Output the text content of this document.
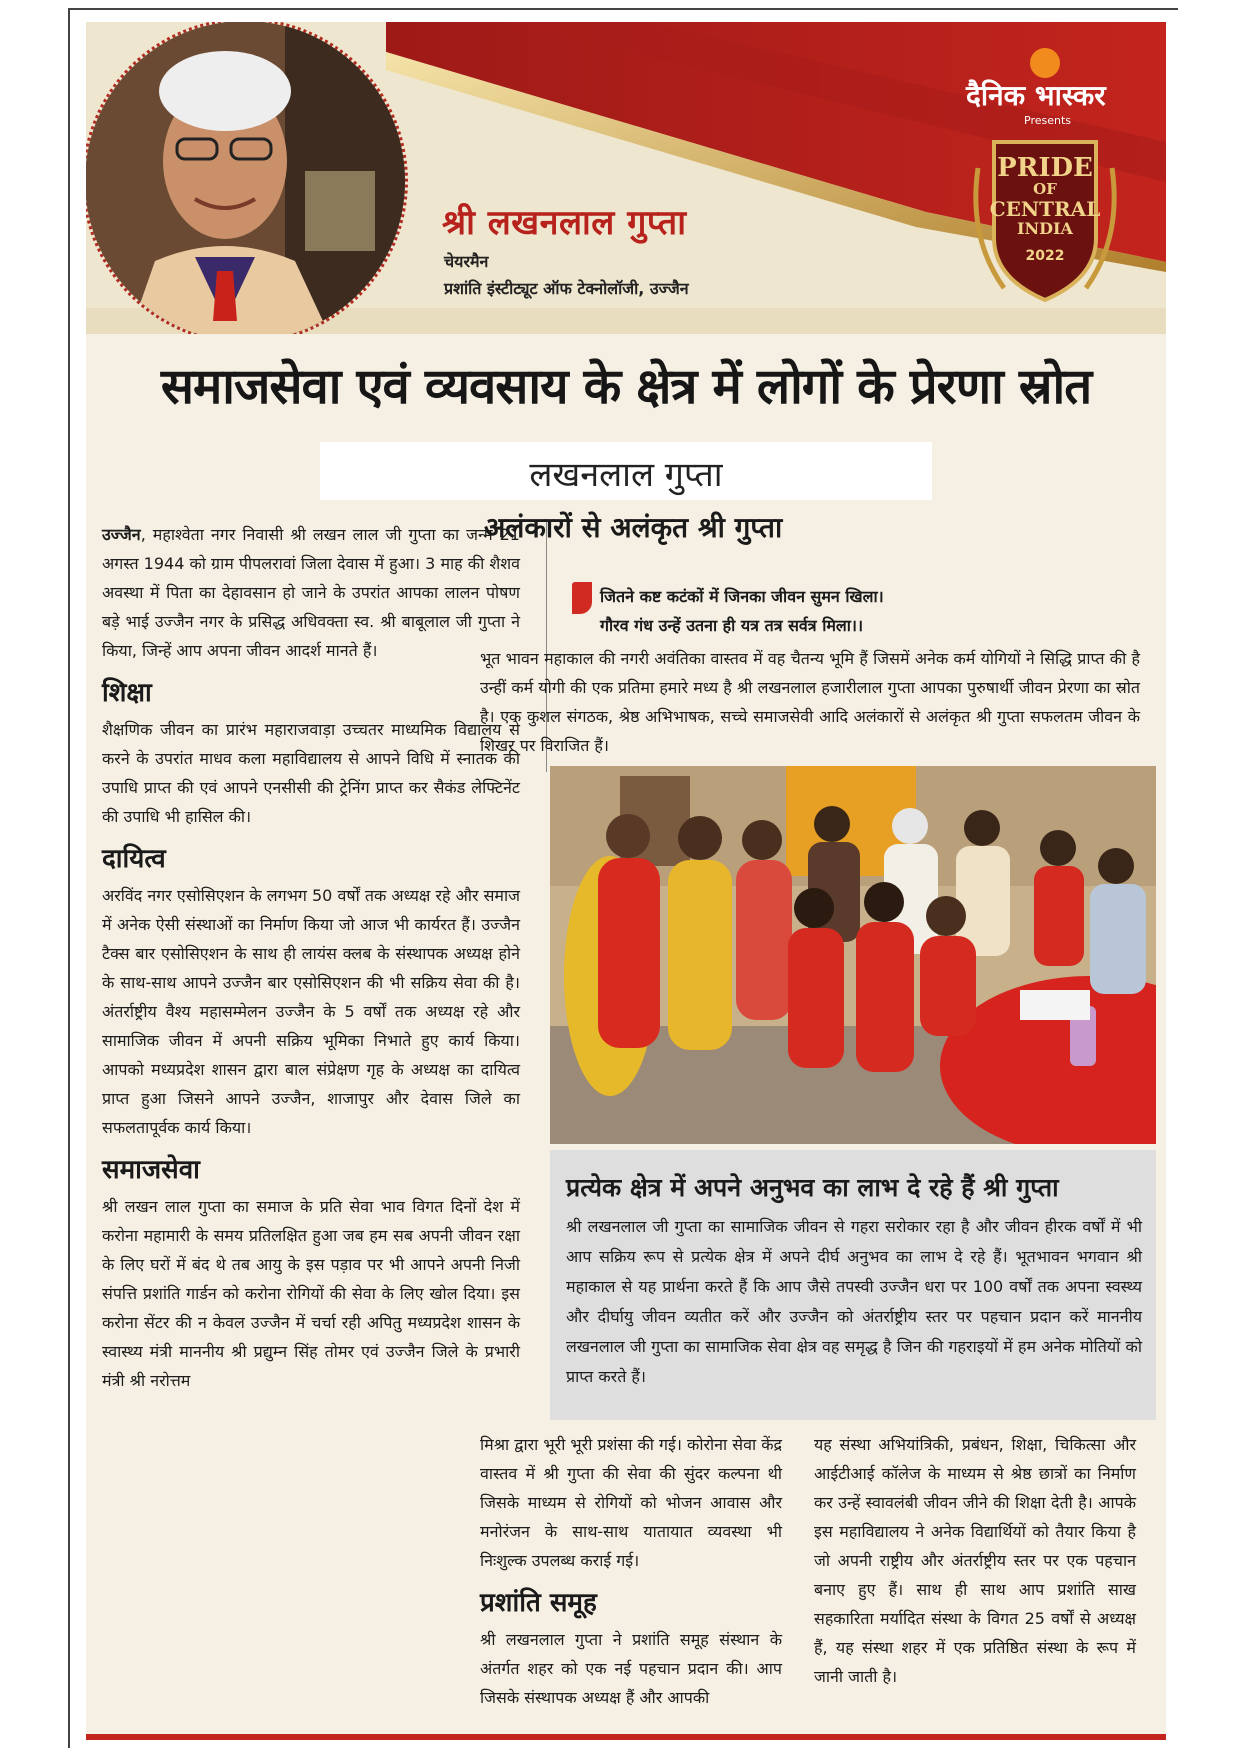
श्री लखनलाल गुप्ता
चेयरमैन
प्रशांति इंस्टीट्यूट ऑफ टेक्नोलॉजी, उज्जैन
दैनिक भास्कर
Presents
PRIDE
OF
CENTRAL
INDIA
2022
समाजसेवा एवं व्यवसाय के क्षेत्र में लोगों के प्रेरणा स्रोत
लखनलाल गुप्ता

उज्जैन, महाश्वेता नगर निवासी श्री लखन लाल जी गुप्ता का जन्म 21 अगस्त 1944 को ग्राम पीपलरावां जिला देवास में हुआ। 3 माह की शैशव अवस्था में पिता का देहावसान हो जाने के उपरांत आपका लालन पोषण बड़े भाई उज्जैन नगर के प्रसिद्ध अधिवक्ता स्व. श्री बाबूलाल जी गुप्ता ने किया, जिन्हें आप अपना जीवन आदर्श मानते हैं।

शिक्षा

शैक्षणिक जीवन का प्रारंभ महाराजवाड़ा उच्चतर माध्यमिक विद्यालय से करने के उपरांत माधव कला महाविद्यालय से आपने विधि में स्नातक की उपाधि प्राप्त की एवं आपने एनसीसी की ट्रेनिंग प्राप्त कर सैकंड लेफ्टिनेंट की उपाधि भी हासिल की।

दायित्व

अरविंद नगर एसोसिएशन के लगभग 50 वर्षों तक अध्यक्ष रहे और समाज में अनेक ऐसी संस्थाओं का निर्माण किया जो आज भी कार्यरत हैं। उज्जैन टैक्स बार एसोसिएशन के साथ ही लायंस क्लब के संस्थापक अध्यक्ष होने के साथ-साथ आपने उज्जैन बार एसोसिएशन की भी सक्रिय सेवा की है। अंतर्राष्ट्रीय वैश्य महासम्मेलन उज्जैन के 5 वर्षों तक अध्यक्ष रहे और सामाजिक जीवन में अपनी सक्रिय भूमिका निभाते हुए कार्य किया। आपको मध्यप्रदेश शासन द्वारा बाल संप्रेक्षण गृह के अध्यक्ष का दायित्व प्राप्त हुआ जिसने आपने उज्जैन, शाजापुर और देवास जिले का सफलतापूर्वक कार्य किया।

समाजसेवा

श्री लखन लाल गुप्ता का समाज के प्रति सेवा भाव विगत दिनों देश में करोना महामारी के समय प्रतिलक्षित हुआ जब हम सब अपनी जीवन रक्षा के लिए घरों में बंद थे तब आयु के इस पड़ाव पर भी आपने अपनी निजी संपत्ति प्रशांति गार्डन को करोना रोगियों की सेवा के लिए खोल दिया। इस करोना सेंटर की न केवल उज्जैन में चर्चा रही अपितु मध्यप्रदेश शासन के स्वास्थ्य मंत्री माननीय श्री प्रद्युम्न सिंह तोमर एवं उज्जैन जिले के प्रभारी मंत्री श्री नरोत्तम

अलंकारों से अलंकृत श्री गुप्ता
जितने कष्ट कटंकों में जिनका जीवन सुमन खिला।
गौरव गंध उन्हें उतना ही यत्र तत्र सर्वत्र मिला।।

भूत भावन महाकाल की नगरी अवंतिका वास्तव में वह चैतन्य भूमि हैं जिसमें अनेक कर्म योगियों ने सिद्धि प्राप्त की है उन्हीं कर्म योगी की एक प्रतिमा हमारे मध्य है श्री लखनलाल हजारीलाल गुप्ता आपका पुरुषार्थी जीवन प्रेरणा का स्रोत है। एक कुशल संगठक, श्रेष्ठ अभिभाषक, सच्चे समाजसेवी आदि अलंकारों से अलंकृत श्री गुप्ता सफलतम जीवन के शिखर पर विराजित हैं।

प्रत्येक क्षेत्र में अपने अनुभव का लाभ दे रहे हैं श्री गुप्ता

श्री लखनलाल जी गुप्ता का सामाजिक जीवन से गहरा सरोकार रहा है और जीवन हीरक वर्षों में भी आप सक्रिय रूप से प्रत्येक क्षेत्र में अपने दीर्घ अनुभव का लाभ दे रहे हैं। भूतभावन भगवान श्री महाकाल से यह प्रार्थना करते हैं कि आप जैसे तपस्वी उज्जैन धरा पर 100 वर्षों तक अपना स्वस्थ्य और दीर्घायु जीवन व्यतीत करें और उज्जैन को अंतर्राष्ट्रीय स्तर पर पहचान प्रदान करें माननीय लखनलाल जी गुप्ता का सामाजिक सेवा क्षेत्र वह समृद्ध है जिन की गहराइयों में हम अनेक मोतियों को प्राप्त करते हैं।

मिश्रा द्वारा भूरी भूरी प्रशंसा की गई। कोरोना सेवा केंद्र वास्तव में श्री गुप्ता की सेवा की सुंदर कल्पना थी जिसके माध्यम से रोगियों को भोजन आवास और मनोरंजन के साथ-साथ यातायात व्यवस्था भी निःशुल्क उपलब्ध कराई गई।

प्रशांति समूह

श्री लखनलाल गुप्ता ने प्रशांति समूह संस्थान के अंतर्गत शहर को एक नई पहचान प्रदान की। आप जिसके संस्थापक अध्यक्ष हैं और आपकी

यह संस्था अभियांत्रिकी, प्रबंधन, शिक्षा, चिकित्सा और आईटीआई कॉलेज के माध्यम से श्रेष्ठ छात्रों का निर्माण कर उन्हें स्वावलंबी जीवन जीने की शिक्षा देती है। आपके इस महाविद्यालय ने अनेक विद्यार्थियों को तैयार किया है जो अपनी राष्ट्रीय और अंतर्राष्ट्रीय स्तर पर एक पहचान बनाए हुए हैं। साथ ही साथ आप प्रशांति साख सहकारिता मर्यादित संस्था के विगत 25 वर्षों से अध्यक्ष हैं, यह संस्था शहर में एक प्रतिष्ठित संस्था के रूप में जानी जाती है।
